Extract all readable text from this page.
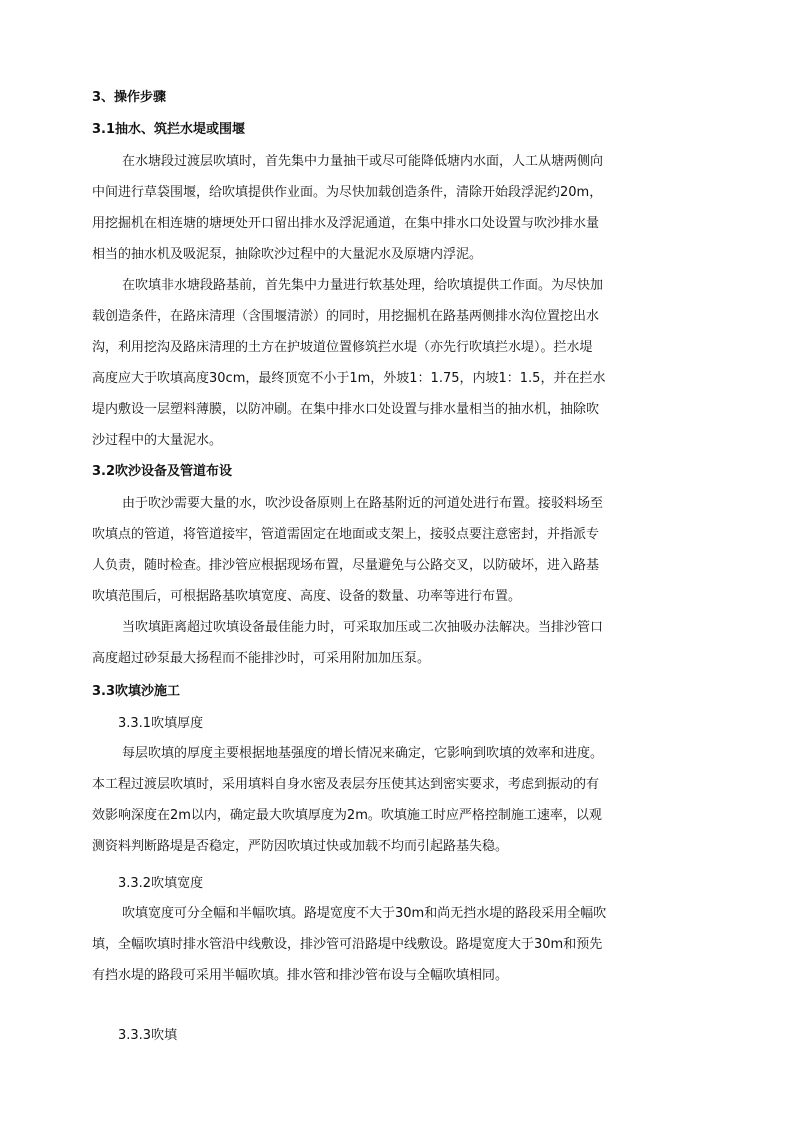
3、操作步骤
3.1抽水、筑拦水堤或围堰
在水塘段过渡层吹填时，首先集中力量抽干或尽可能降低塘内水面，人工从塘两侧向
中间进行草袋围堰，给吹填提供作业面。为尽快加载创造条件，清除开始段浮泥约20m，
用挖掘机在相连塘的塘埂处开口留出排水及浮泥通道，在集中排水口处设置与吹沙排水量
相当的抽水机及吸泥泵，抽除吹沙过程中的大量泥水及原塘内浮泥。
在吹填非水塘段路基前，首先集中力量进行软基处理，给吹填提供工作面。为尽快加
载创造条件，在路床清理（含围堰清淤）的同时，用挖掘机在路基两侧排水沟位置挖出水
沟，利用挖沟及路床清理的土方在护坡道位置修筑拦水堤（亦先行吹填拦水堤）。拦水堤
高度应大于吹填高度30cm，最终顶宽不小于1m，外坡1：1.75，内坡1：1.5，并在拦水
堤内敷设一层塑料薄膜，以防冲刷。在集中排水口处设置与排水量相当的抽水机，抽除吹
沙过程中的大量泥水。
3.2吹沙设备及管道布设
由于吹沙需要大量的水，吹沙设备原则上在路基附近的河道处进行布置。接驳料场至
吹填点的管道，将管道接牢，管道需固定在地面或支架上，接驳点要注意密封，并指派专
人负责，随时检查。排沙管应根据现场布置，尽量避免与公路交叉，以防破坏，进入路基
吹填范围后，可根据路基吹填宽度、高度、设备的数量、功率等进行布置。
当吹填距离超过吹填设备最佳能力时，可采取加压或二次抽吸办法解决。当排沙管口
高度超过砂泵最大扬程而不能排沙时，可采用附加加压泵。
3.3吹填沙施工
3.3.1吹填厚度
每层吹填的厚度主要根据地基强度的增长情况来确定，它影响到吹填的效率和进度。
本工程过渡层吹填时，采用填料自身水密及表层夯压使其达到密实要求，考虑到振动的有
效影响深度在2m以内，确定最大吹填厚度为2m。吹填施工时应严格控制施工速率，以观
测资料判断路堤是否稳定，严防因吹填过快或加载不均而引起路基失稳。
3.3.2吹填宽度
吹填宽度可分全幅和半幅吹填。路堤宽度不大于30m和尚无挡水堤的路段采用全幅吹
填，全幅吹填时排水管沿中线敷设，排沙管可沿路堤中线敷设。路堤宽度大于30m和预先
有挡水堤的路段可采用半幅吹填。排水管和排沙管布设与全幅吹填相同。
3.3.3吹填
